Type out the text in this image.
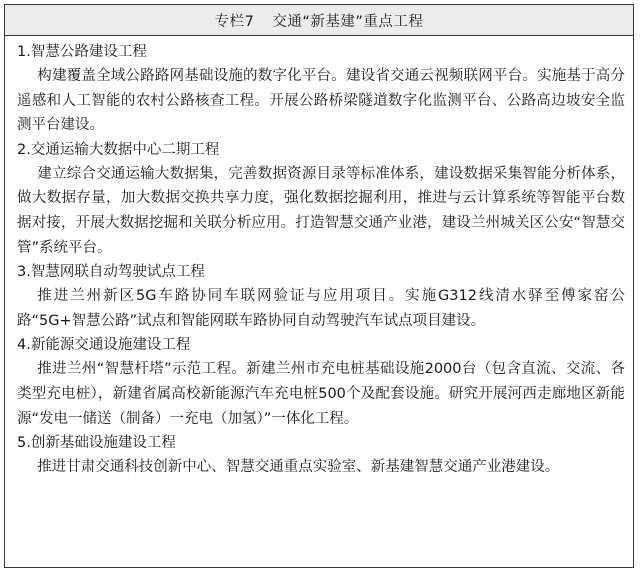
专栏7 交通“新基建”重点工程
1.智慧公路建设工程

构建覆盖全域公路路网基础设施的数字化平台。建设省交通云视频联网平台。实施基于高分遥感和人工智能的农村公路核查工程。开展公路桥梁隧道数字化监测平台、公路高边坡安全监测平台建设。

2.交通运输大数据中心二期工程

建立综合交通运输大数据集，完善数据资源目录等标准体系，建设数据采集智能分析体系，做大数据存量，加大数据交换共享力度，强化数据挖掘利用，推进与云计算系统等智能平台数据对接，开展大数据挖掘和关联分析应用。打造智慧交通产业港，建设兰州城关区公安“智慧交管”系统平台。

3.智慧网联自动驾驶试点工程

推进兰州新区5G车路协同车联网验证与应用项目。实施G312线清水驿至傅家窑公路“5G+智慧公路”试点和智能网联车路协同自动驾驶汽车试点项目建设。

4.新能源交通设施建设工程

推进兰州“智慧杆塔”示范工程。新建兰州市充电桩基础设施2000台（包含直流、交流、各类型充电桩），新建省属高校新能源汽车充电桩500个及配套设施。研究开展河西走廊地区新能源“发电一储送（制备）一充电（加氢）”一体化工程。

5.创新基础设施建设工程

推进甘肃交通科技创新中心、智慧交通重点实验室、新基建智慧交通产业港建设。
